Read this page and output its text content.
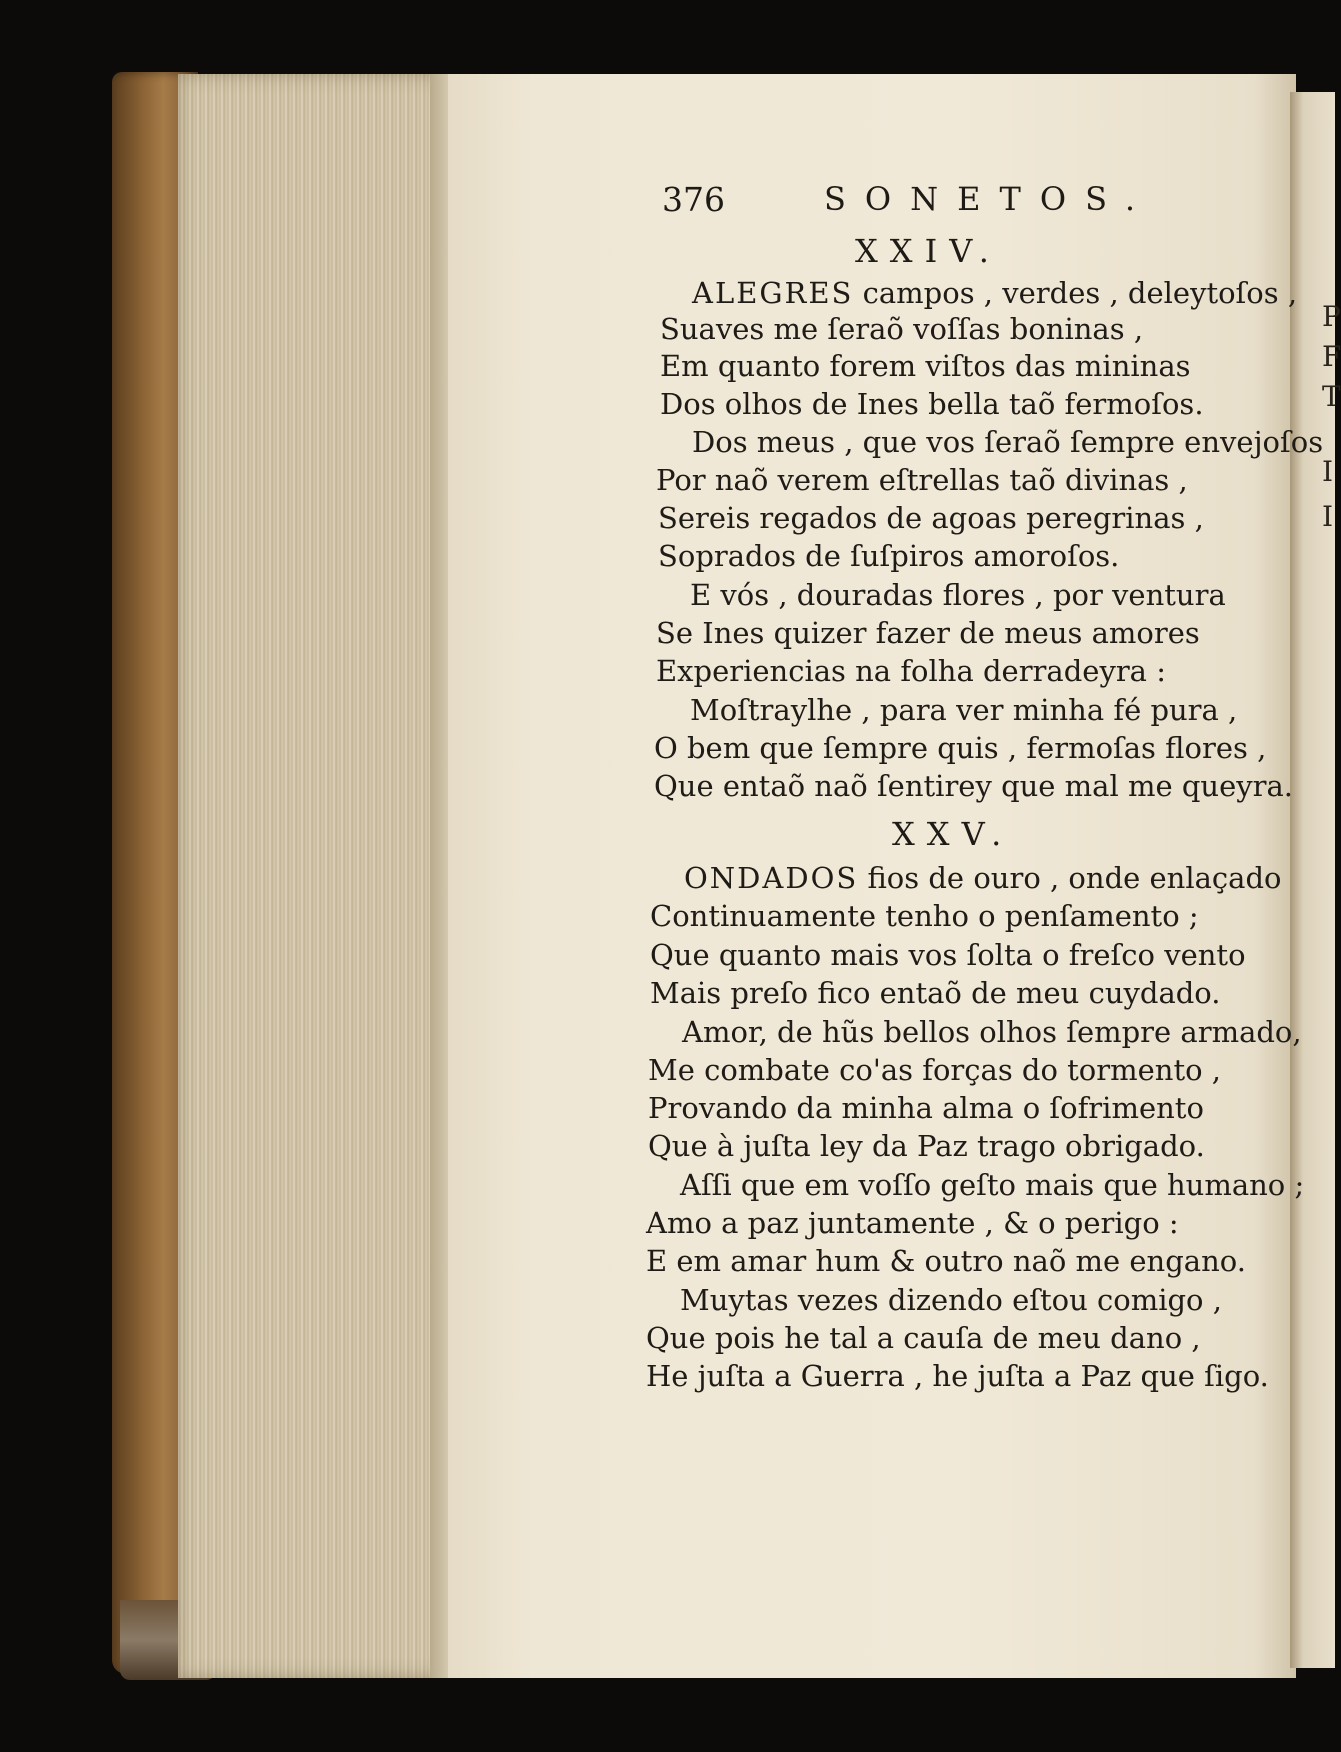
P
F
T
I
I
376	SONETOS.
XXIV.
ALEGRES campos , verdes , deleytoſos ,
Suaves me ſeraõ voſſas boninas ,
Em quanto forem viſtos das mininas
Dos olhos de Ines bella taõ fermoſos.
Dos meus , que vos ſeraõ ſempre envejoſos
Por naõ verem eſtrellas taõ divinas ,
Sereis regados de agoas peregrinas ,
Soprados de ſuſpiros amoroſos.
E vós , douradas flores , por ventura
Se Ines quizer fazer de meus amores
Experiencias na folha derradeyra :
Moſtraylhe , para ver minha fé pura ,
O bem que ſempre quis , fermoſas flores ,
Que entaõ naõ ſentirey que mal me queyra.
XXV.
ONDADOS fios de ouro , onde enlaçado
Continuamente tenho o penſamento ;
Que quanto mais vos ſolta o freſco vento
Mais preſo fico entaõ de meu cuydado.
Amor, de hũs bellos olhos ſempre armado,
Me combate co'as forças do tormento ,
Provando da minha alma o ſofrimento
Que à juſta ley da Paz trago obrigado.
Aſſi que em voſſo geſto mais que humano ;
Amo a paz juntamente , & o perigo :
E em amar hum & outro naõ me engano.
Muytas vezes dizendo eſtou comigo ,
Que pois he tal a cauſa de meu dano ,
He juſta a Guerra , he juſta a Paz que ſigo.
